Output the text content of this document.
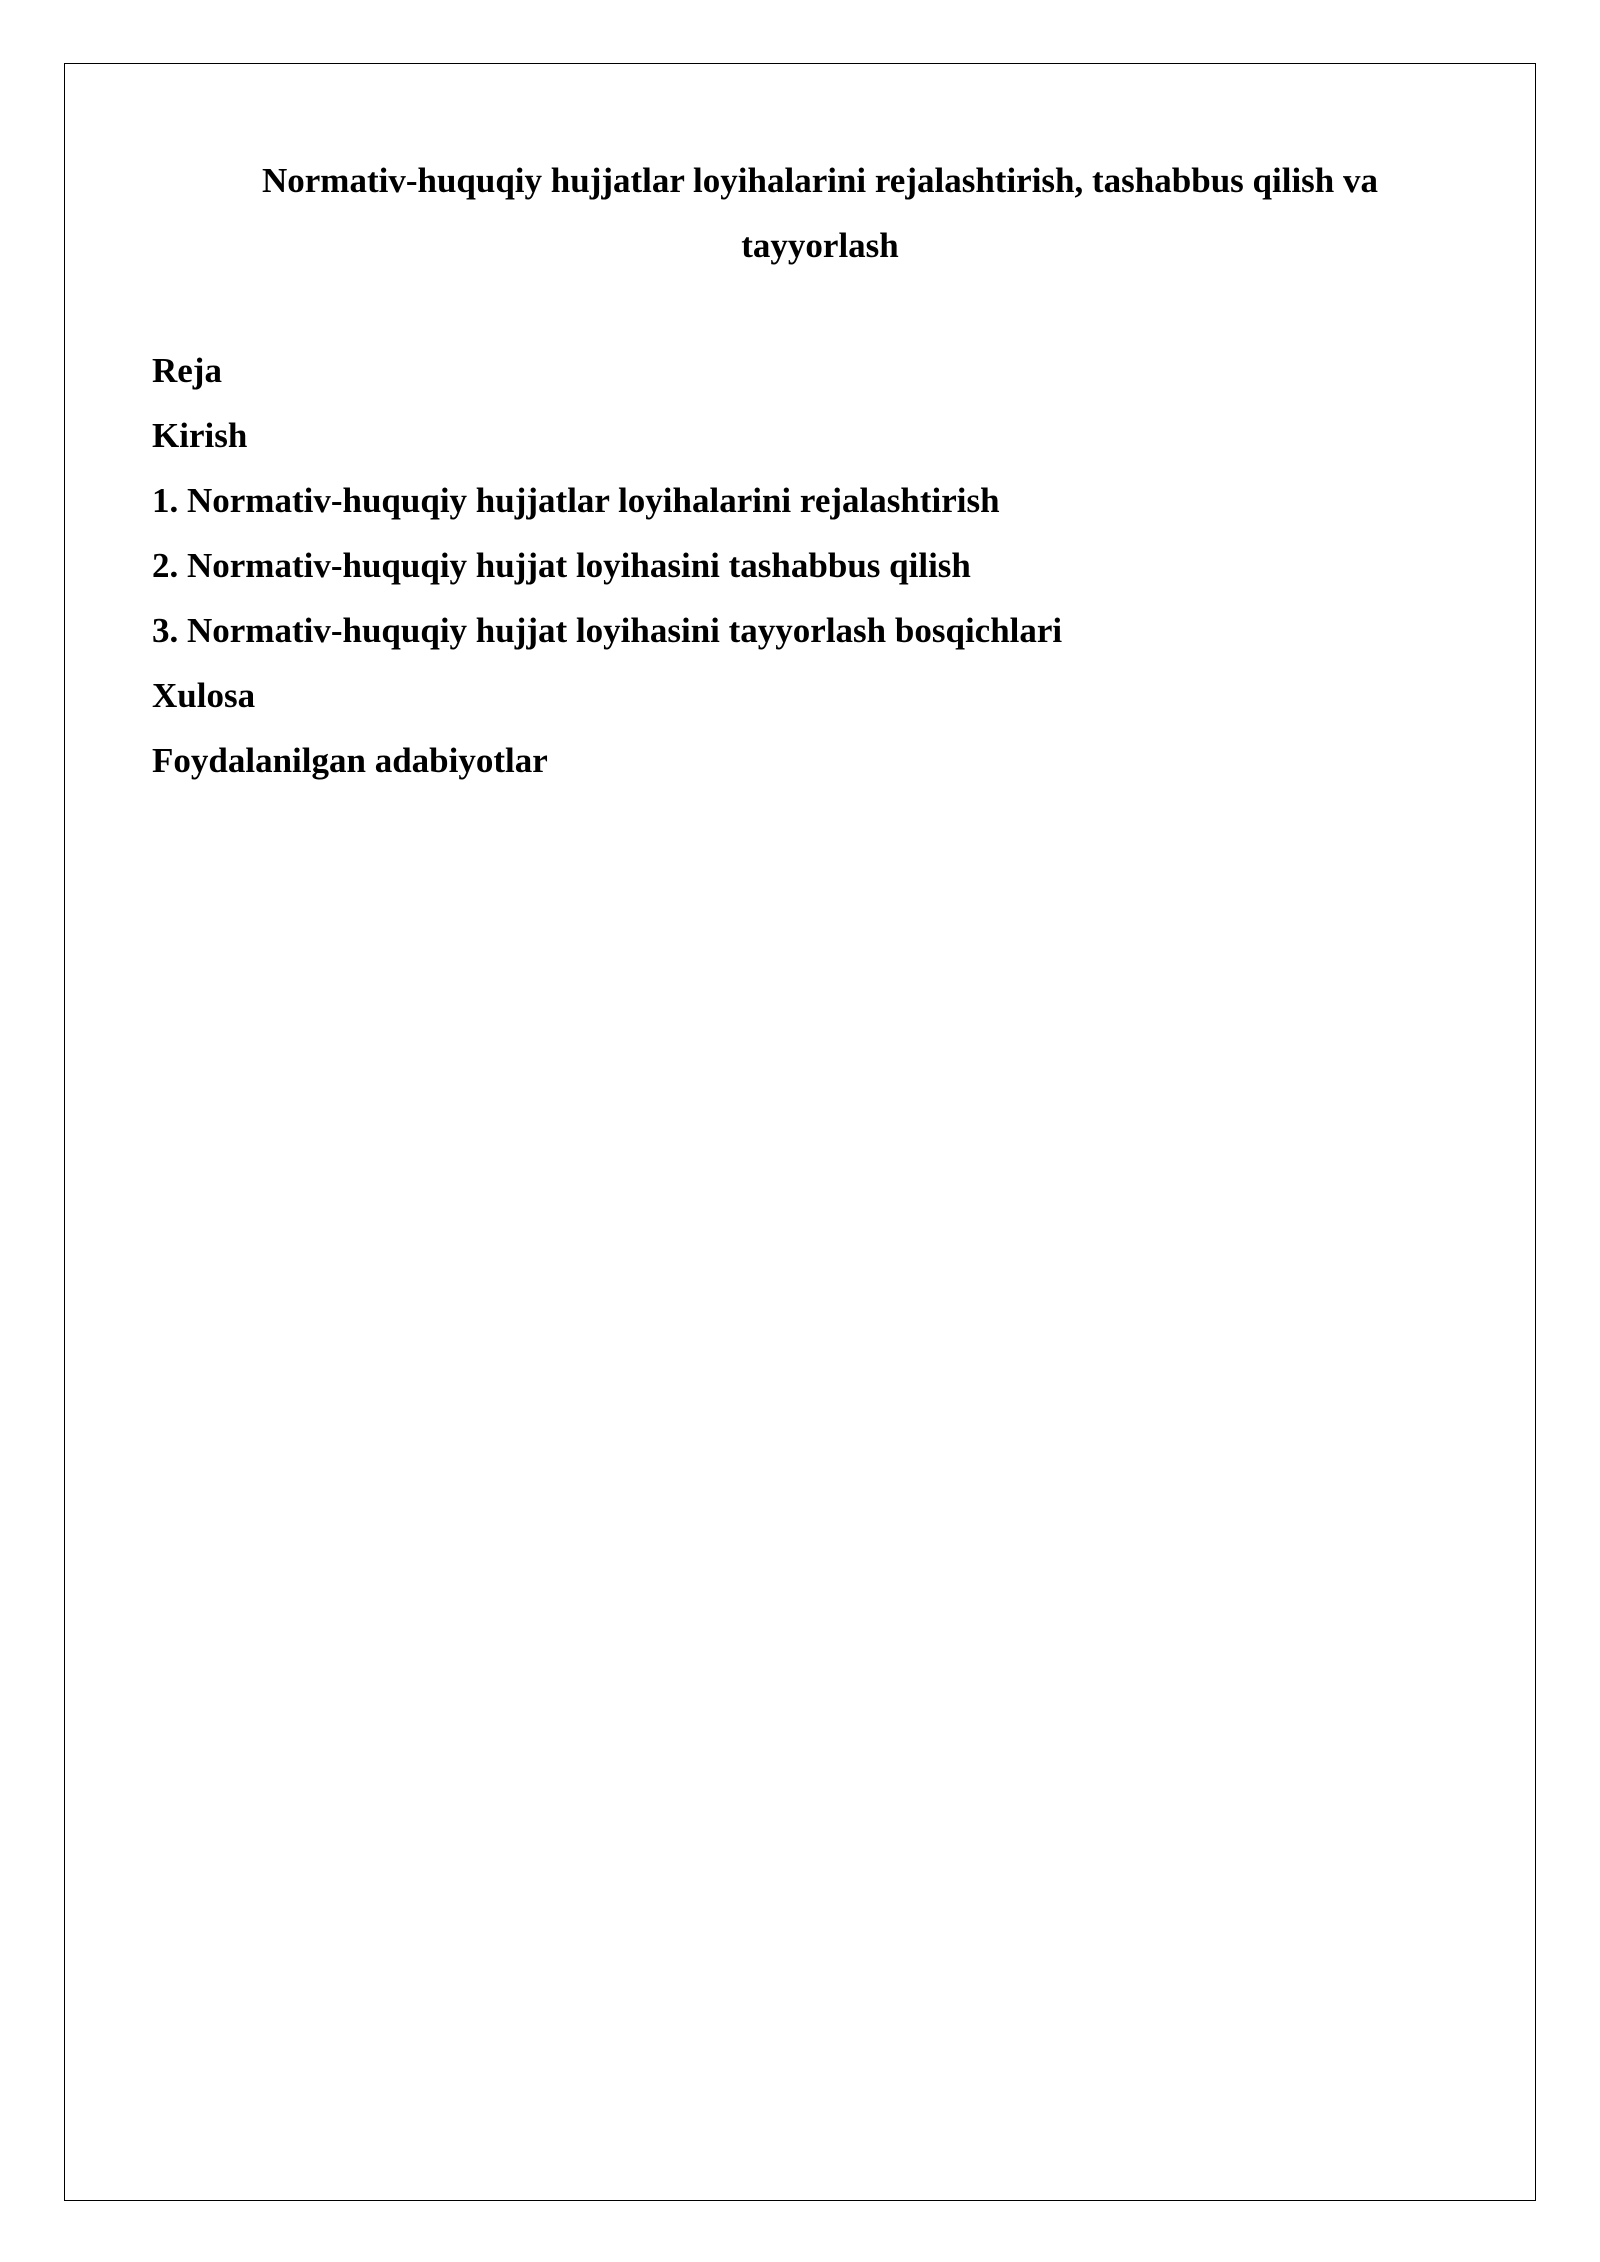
Normativ-huquqiy hujjatlar loyihalarini rejalashtirish, tashabbus qilish va
tayyorlash

Reja

Kirish

1. Normativ-huquqiy hujjatlar loyihalarini rejalashtirish

2. Normativ-huquqiy hujjat loyihasini tashabbus qilish

3. Normativ-huquqiy hujjat loyihasini tayyorlash bosqichlari

Xulosa

Foydalanilgan adabiyotlar
